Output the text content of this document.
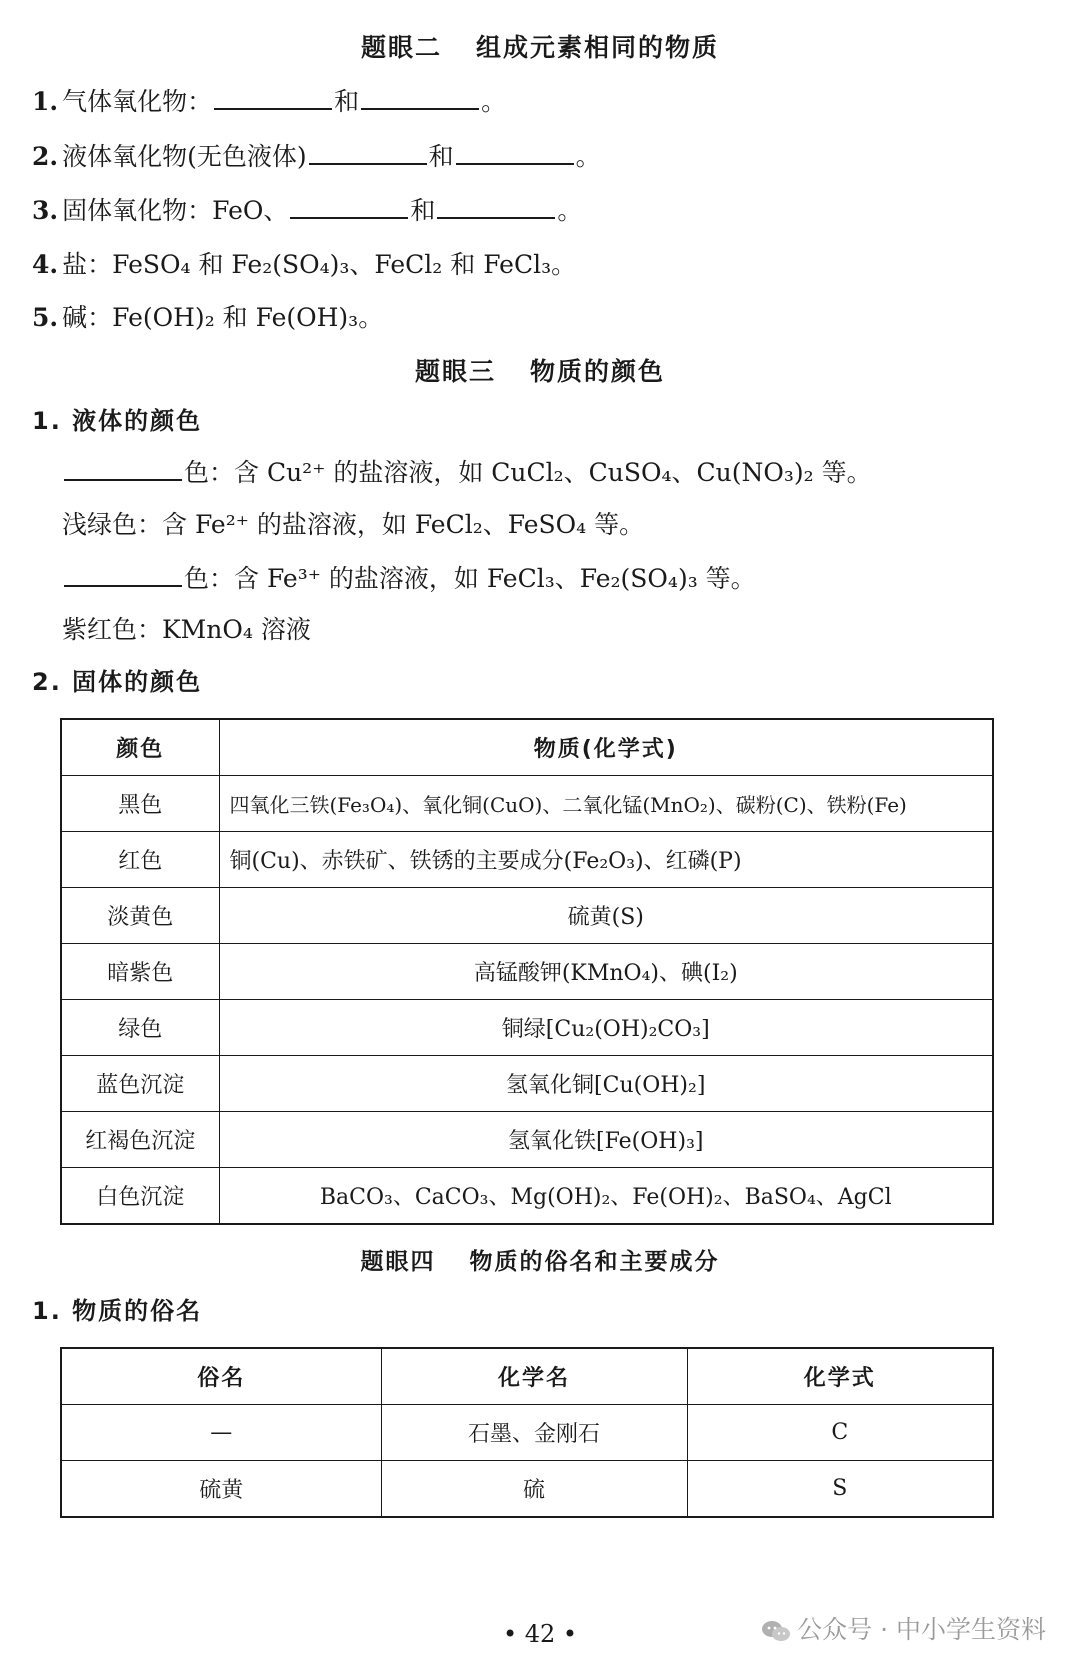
题眼二 组成元素相同的物质
1. 气体氧化物：	和	。
2. 液体氧化物(无色液体)	和	。
3. 固体氧化物：FeO、	和	。
4. 盐：FeSO₄ 和 Fe₂(SO₄)₃、FeCl₂ 和 FeCl₃。
5. 碱：Fe(OH)₂ 和 Fe(OH)₃。
题眼三 物质的颜色
1. 液体的颜色
色：含 Cu²⁺ 的盐溶液，如 CuCl₂、CuSO₄、Cu(NO₃)₂ 等。
浅绿色：含 Fe²⁺ 的盐溶液，如 FeCl₂、FeSO₄ 等。
色：含 Fe³⁺ 的盐溶液，如 FeCl₃、Fe₂(SO₄)₃ 等。
紫红色：KMnO₄ 溶液
2. 固体的颜色
颜色	物质(化学式)
黑色	四氧化三铁(Fe₃O₄)、氧化铜(CuO)、二氧化锰(MnO₂)、碳粉(C)、铁粉(Fe)
红色	铜(Cu)、赤铁矿、铁锈的主要成分(Fe₂O₃)、红磷(P)
淡黄色	硫黄(S)
暗紫色	高锰酸钾(KMnO₄)、碘(I₂)
绿色	铜绿[Cu₂(OH)₂CO₃]
蓝色沉淀	氢氧化铜[Cu(OH)₂]
红褐色沉淀	氢氧化铁[Fe(OH)₃]
白色沉淀	BaCO₃、CaCO₃、Mg(OH)₂、Fe(OH)₂、BaSO₄、AgCl
题眼四 物质的俗名和主要成分
1. 物质的俗名
俗名	化学名	化学式
—	石墨、金刚石	C
硫黄	硫	S
• 42 •	公众号 · 中小学生资料
